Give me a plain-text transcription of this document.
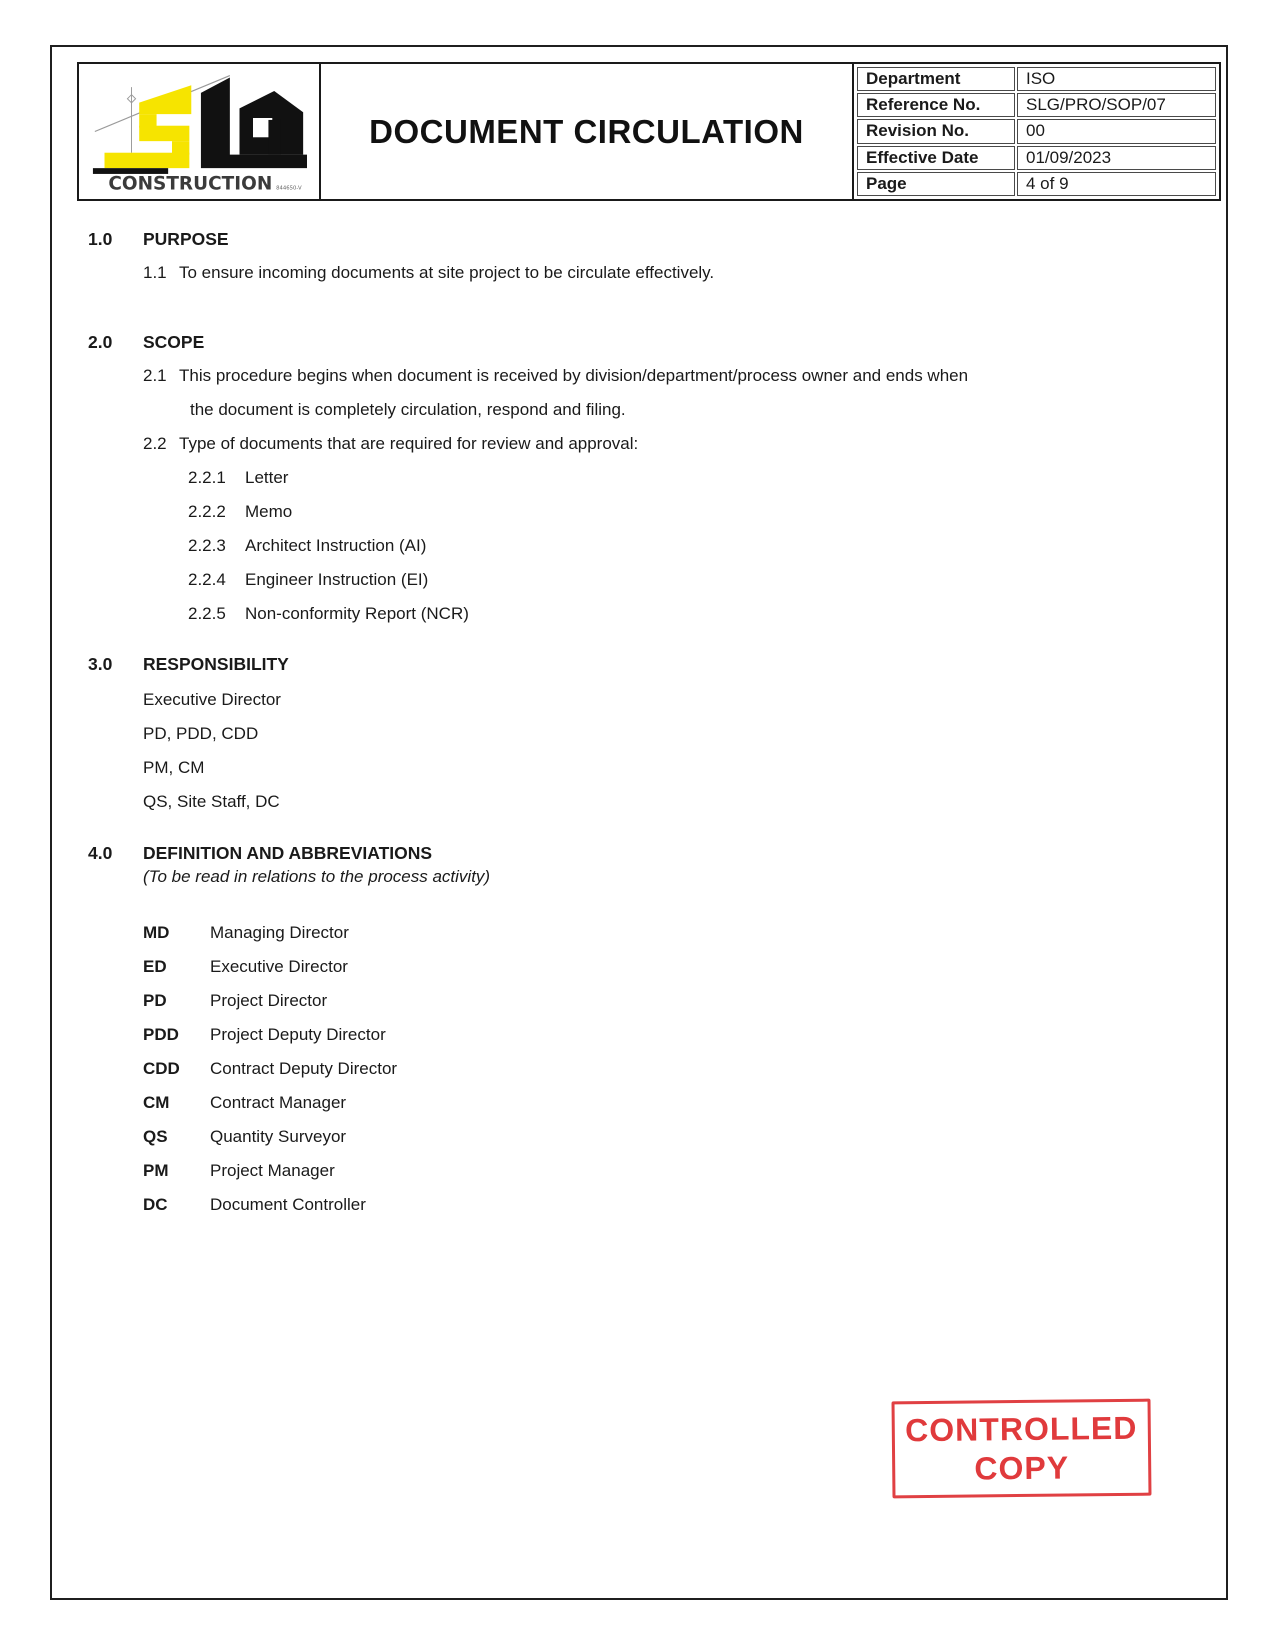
CONSTRUCTION 844650-V
DOCUMENT CIRCULATION
Department	ISO
Reference No.	SLG/PRO/SOP/07
Revision No.	00
Effective Date	01/09/2023
Page	4 of 9
1.0	PURPOSE
1.1 To ensure incoming documents at site project to be circulate effectively.
2.0	SCOPE
2.1 This procedure begins when document is received by division/department/process owner and ends when
the document is completely circulation, respond and filing.
2.2 Type of documents that are required for review and approval:
2.2.1 Letter
2.2.2 Memo
2.2.3 Architect Instruction (AI)
2.2.4 Engineer Instruction (EI)
2.2.5 Non-conformity Report (NCR)
3.0	RESPONSIBILITY
Executive Director
PD, PDD, CDD
PM, CM
QS, Site Staff, DC
4.0	DEFINITION AND ABBREVIATIONS
(To be read in relations to the process activity)
MD	Managing Director
ED	Executive Director
PD	Project Director
PDD	Project Deputy Director
CDD	Contract Deputy Director
CM	Contract Manager
QS	Quantity Surveyor
PM	Project Manager
DC	Document Controller
CONTROLLED
COPY
